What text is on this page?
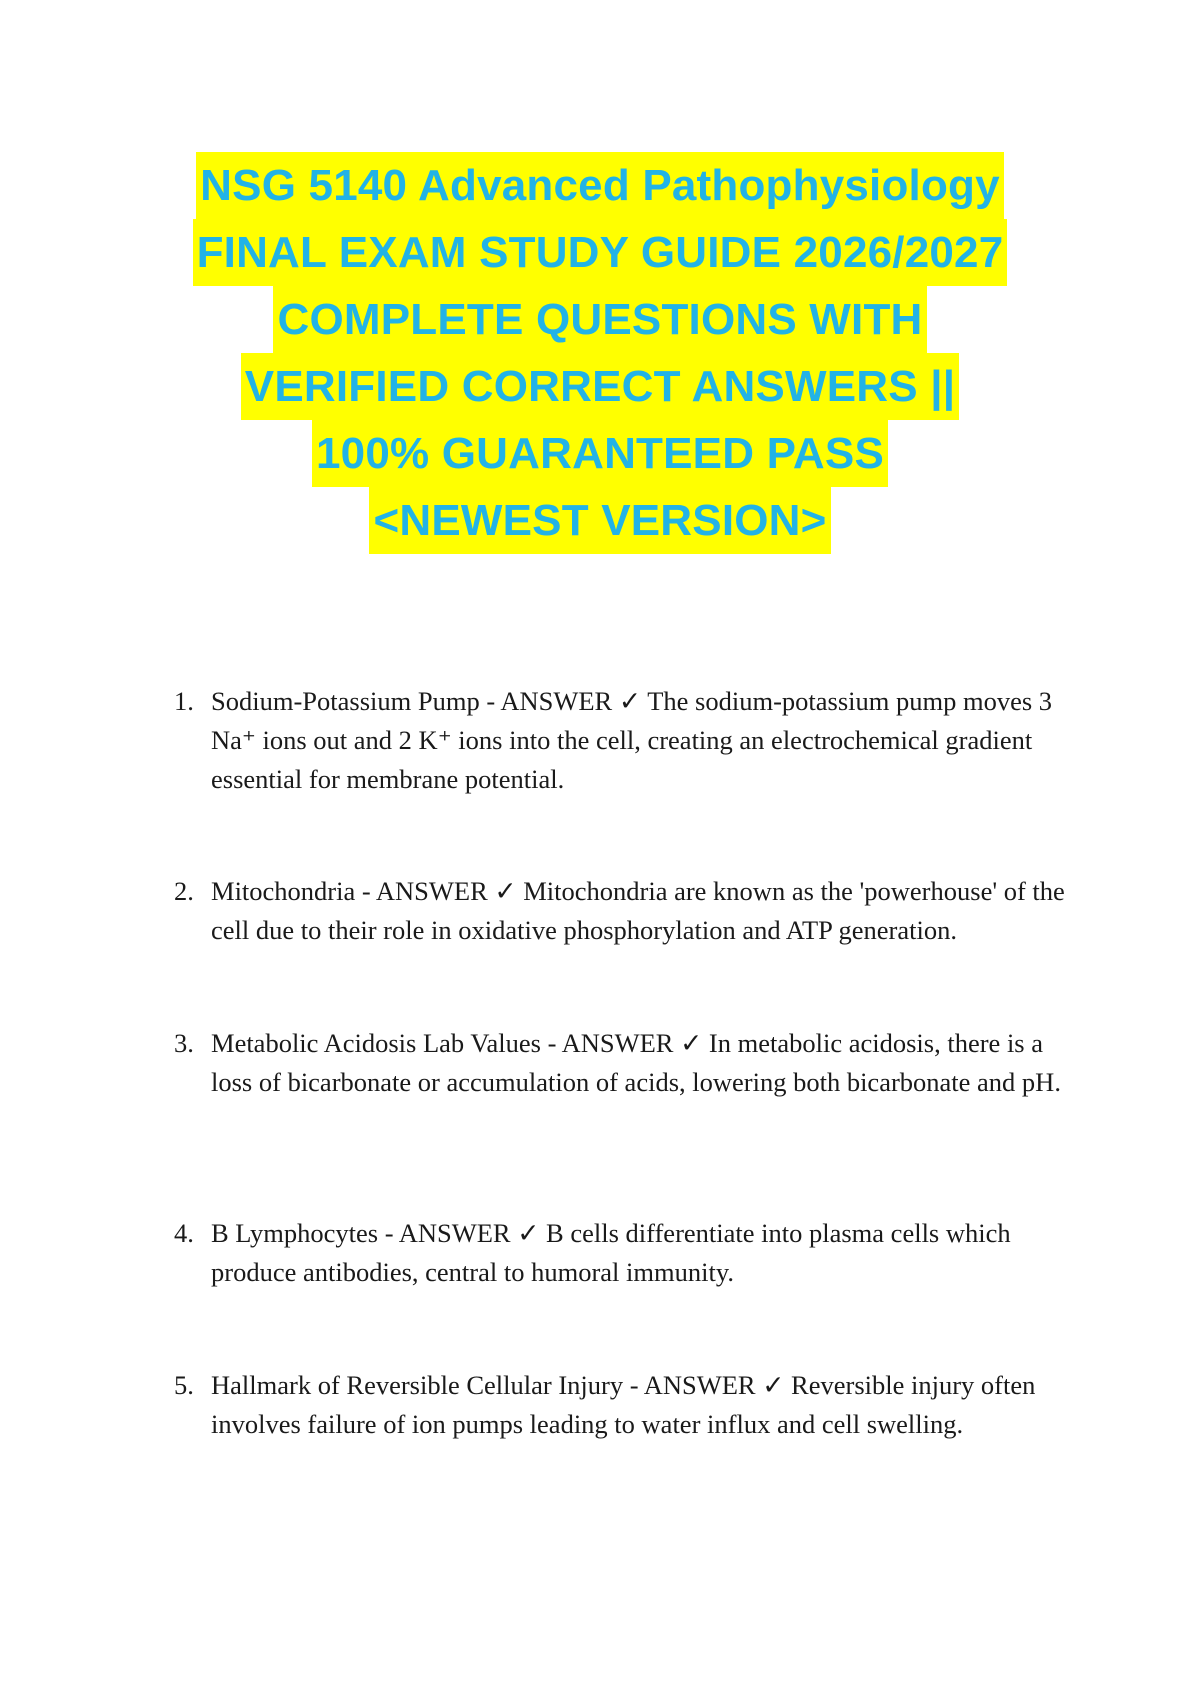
NSG 5140 Advanced Pathophysiology
FINAL EXAM STUDY GUIDE 2026/2027
COMPLETE QUESTIONS WITH
VERIFIED CORRECT ANSWERS ||
100% GUARANTEED PASS
<NEWEST VERSION>
1. Sodium-Potassium Pump - ANSWER ✓ The sodium-potassium pump moves 3 Na⁺ ions out and 2 K⁺ ions into the cell, creating an electrochemical gradient essential for membrane potential.
2. Mitochondria - ANSWER ✓ Mitochondria are known as the 'powerhouse' of the cell due to their role in oxidative phosphorylation and ATP generation.
3. Metabolic Acidosis Lab Values - ANSWER ✓ In metabolic acidosis, there is a loss of bicarbonate or accumulation of acids, lowering both bicarbonate and pH.
4. B Lymphocytes - ANSWER ✓ B cells differentiate into plasma cells which produce antibodies, central to humoral immunity.
5. Hallmark of Reversible Cellular Injury - ANSWER ✓ Reversible injury often involves failure of ion pumps leading to water influx and cell swelling.
